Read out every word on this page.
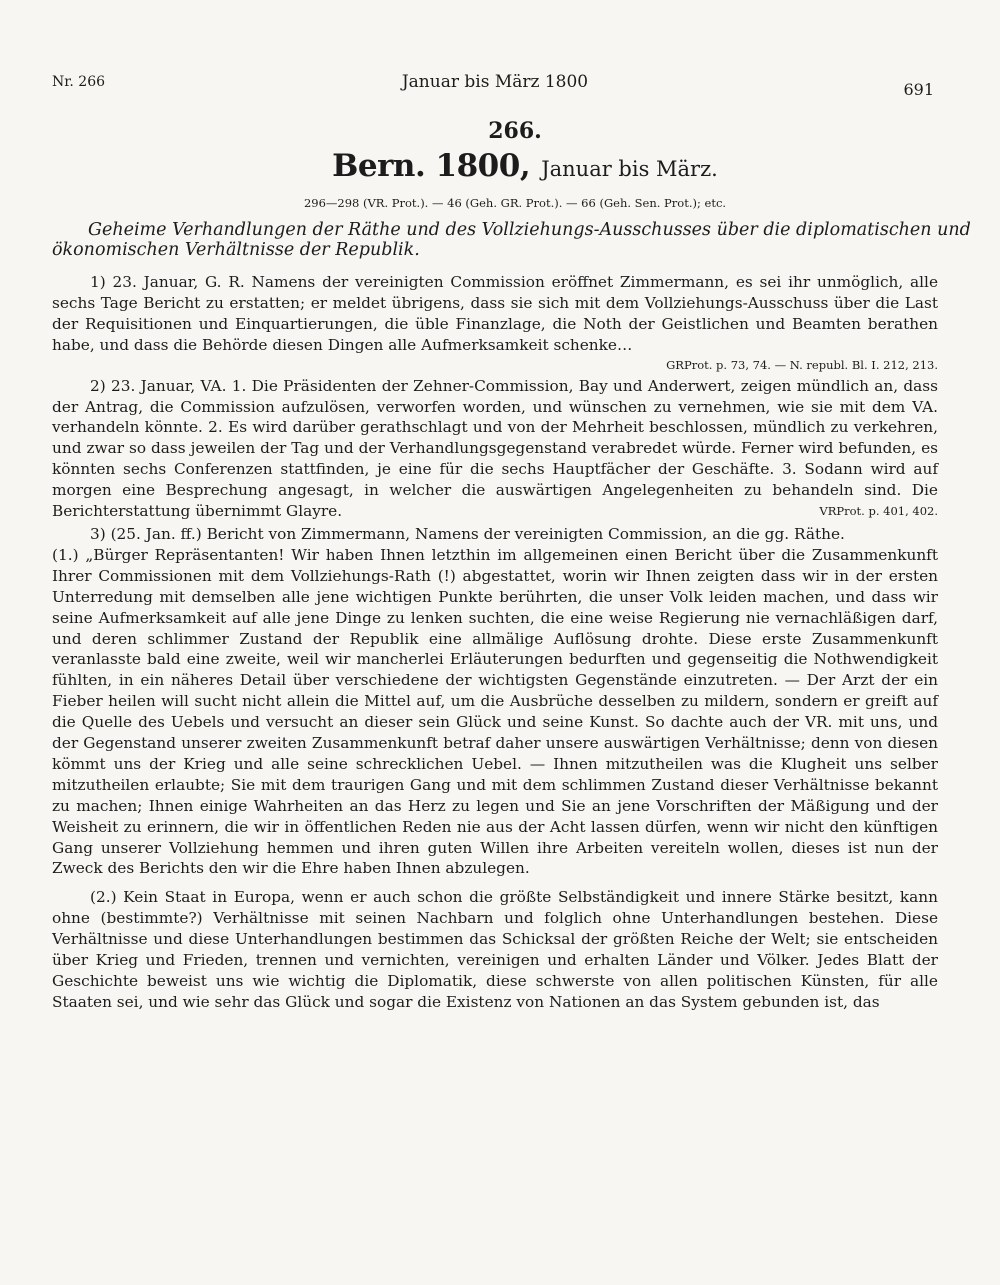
Nr. 266	Januar bis März 1800	691
266.
Bern. 1800, Januar bis März.
296—298 (VR. Prot.). — 46 (Geh. GR. Prot.). — 66 (Geh. Sen. Prot.); etc.
Geheime Verhandlungen der Räthe und des Vollziehungs-Ausschusses über die diplomatischen und
ökonomischen Verhältnisse der Republik.

1) 23. Januar, G. R. Namens der vereinigten Commission eröffnet Zimmermann, es sei ihr unmöglich, alle sechs Tage Bericht zu erstatten; er meldet übrigens, dass sie sich mit dem Vollziehungs-Ausschuss über die Last der Requisitionen und Einquartierungen, die üble Finanzlage, die Noth der Geistlichen und Beamten berathen habe, und dass die Behörde diesen Dingen alle Aufmerksamkeit schenke…

GRProt. p. 73, 74. — N. republ. Bl. I. 212, 213.

2) 23. Januar, VA. 1. Die Präsidenten der Zehner-Commission, Bay und Anderwert, zeigen mündlich an, dass der Antrag, die Commission aufzulösen, verworfen worden, und wünschen zu vernehmen, wie sie mit dem VA. verhandeln könnte. 2. Es wird darüber gerathschlagt und von der Mehrheit beschlossen, mündlich zu verkehren, und zwar so dass jeweilen der Tag und der Verhandlungsgegenstand verabredet würde. Ferner wird befunden, es könnten sechs Conferenzen stattfinden, je eine für die sechs Hauptfächer der Geschäfte. 3. Sodann wird auf morgen eine Besprechung angesagt, in welcher die auswärtigen Angelegenheiten zu behandeln sind. Die Berichterstattung übernimmt Glayre.	VRProt. p. 401, 402.

3) (25. Jan. ff.) Bericht von Zimmermann, Namens der vereinigten Commission, an die gg. Räthe.

(1.) „Bürger Repräsentanten! Wir haben Ihnen letzthin im allgemeinen einen Bericht über die Zusammenkunft Ihrer Commissionen mit dem Vollziehungs-Rath (!) abgestattet, worin wir Ihnen zeigten dass wir in der ersten Unterredung mit demselben alle jene wichtigen Punkte berührten, die unser Volk leiden machen, und dass wir seine Aufmerksamkeit auf alle jene Dinge zu lenken suchten, die eine weise Regierung nie vernachläßigen darf, und deren schlimmer Zustand der Republik eine allmälige Auflösung drohte. Diese erste Zusammenkunft veranlasste bald eine zweite, weil wir mancherlei Erläuterungen bedurften und gegenseitig die Nothwendigkeit fühlten, in ein näheres Detail über verschiedene der wichtigsten Gegenstände einzutreten. — Der Arzt der ein Fieber heilen will sucht nicht allein die Mittel auf, um die Ausbrüche desselben zu mildern, sondern er greift auf die Quelle des Uebels und versucht an dieser sein Glück und seine Kunst. So dachte auch der VR. mit uns, und der Gegenstand unserer zweiten Zusammenkunft betraf daher unsere auswärtigen Verhältnisse; denn von diesen kömmt uns der Krieg und alle seine schrecklichen Uebel. — Ihnen mitzutheilen was die Klugheit uns selber mitzutheilen erlaubte; Sie mit dem traurigen Gang und mit dem schlimmen Zustand dieser Verhältnisse bekannt zu machen; Ihnen einige Wahrheiten an das Herz zu legen und Sie an jene Vorschriften der Mäßigung und der Weisheit zu erinnern, die wir in öffentlichen Reden nie aus der Acht lassen dürfen, wenn wir nicht den künftigen Gang unserer Vollziehung hemmen und ihren guten Willen ihre Arbeiten vereiteln wollen, dieses ist nun der Zweck des Berichts den wir die Ehre haben Ihnen abzulegen.

(2.) Kein Staat in Europa, wenn er auch schon die größte Selbständigkeit und innere Stärke besitzt, kann ohne (bestimmte?) Verhältnisse mit seinen Nachbarn und folglich ohne Unterhandlungen bestehen. Diese Verhältnisse und diese Unterhandlungen bestimmen das Schicksal der größten Reiche der Welt; sie entscheiden über Krieg und Frieden, trennen und vernichten, vereinigen und erhalten Länder und Völker. Jedes Blatt der Geschichte beweist uns wie wichtig die Diplomatik, diese schwerste von allen politischen Künsten, für alle Staaten sei, und wie sehr das Glück und sogar die Existenz von Nationen an das System gebunden ist, das
